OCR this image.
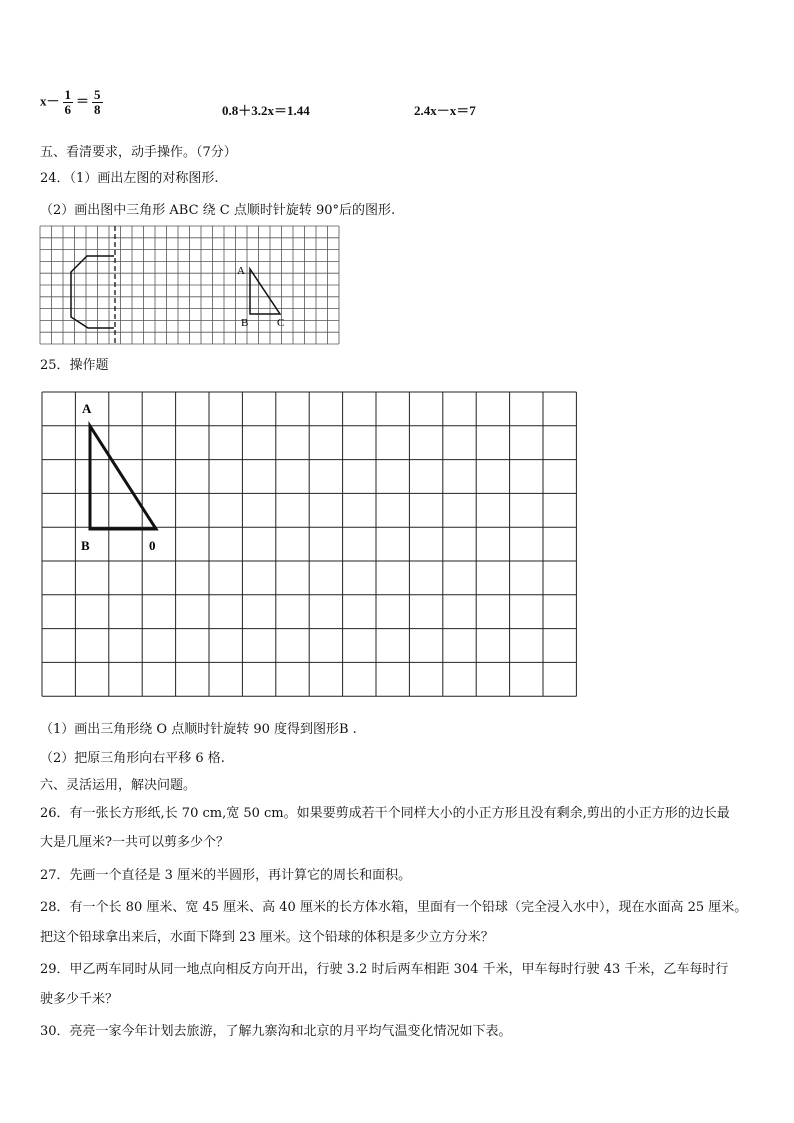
$x- \frac{1}{6} = \frac{5}{8}$	0.8＋3.2x＝1.44	2.4x－x＝7
五、看清要求，动手操作。（7分）
24．（1）画出左图的对称图形.
（2）画出图中三角形 ABC 绕 C 点顺时针旋转 90°后的图形.
A
B	C
25．操作题
A
B	0
（1）画出三角形绕 O 点顺时针旋转 90 度得到图形B .
（2）把原三角形向右平移 6 格.
六、灵活运用，解决问题。
26．有一张长方形纸,长 70 cm,宽 50 cm。如果要剪成若干个同样大小的小正方形且没有剩余,剪出的小正方形的边长最
大是几厘米?一共可以剪多少个？
27．先画一个直径是 3 厘米的半圆形，再计算它的周长和面积。
28．有一个长 80 厘米、宽 45 厘米、高 40 厘米的长方体水箱，里面有一个铅球（完全浸入水中），现在水面高 25 厘米。
把这个铅球拿出来后，水面下降到 23 厘米。这个铅球的体积是多少立方分米？
29．甲乙两车同时从同一地点向相反方向开出，行驶 3.2 时后两车相距 304 千米，甲车每时行驶 43 千米，乙车每时行
驶多少千米？
30．亮亮一家今年计划去旅游，了解九寨沟和北京的月平均气温变化情况如下表。
